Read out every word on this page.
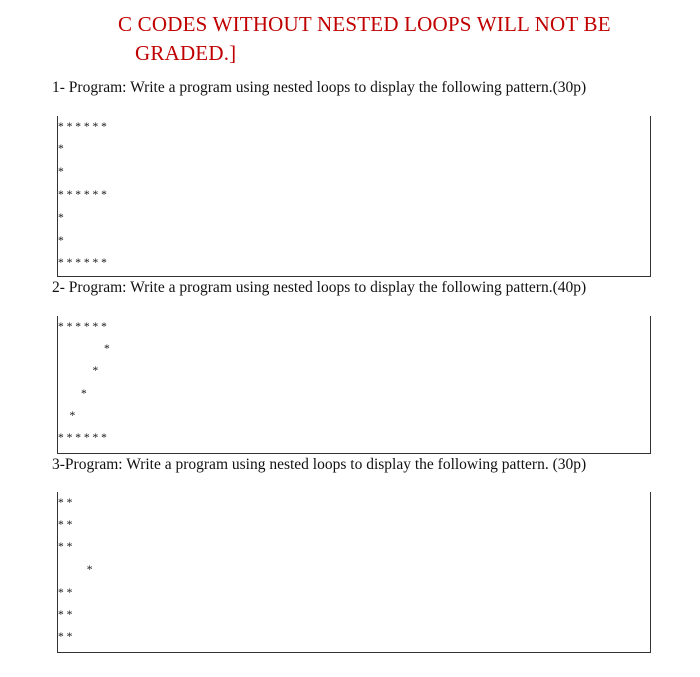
C CODES WITHOUT NESTED LOOPS WILL NOT BE
GRADED.]
1- Program: Write a program using nested loops to display the following pattern.(30p)
* * * * * *
*
*
* * * * * *
*
*
* * * * * *
2- Program: Write a program using nested loops to display the following pattern.(40p)
* * * * * *
*
*
*
*
* * * * * *
3-Program: Write a program using nested loops to display the following pattern. (30p)
* *
* *
* *
*
* *
* *
* *
